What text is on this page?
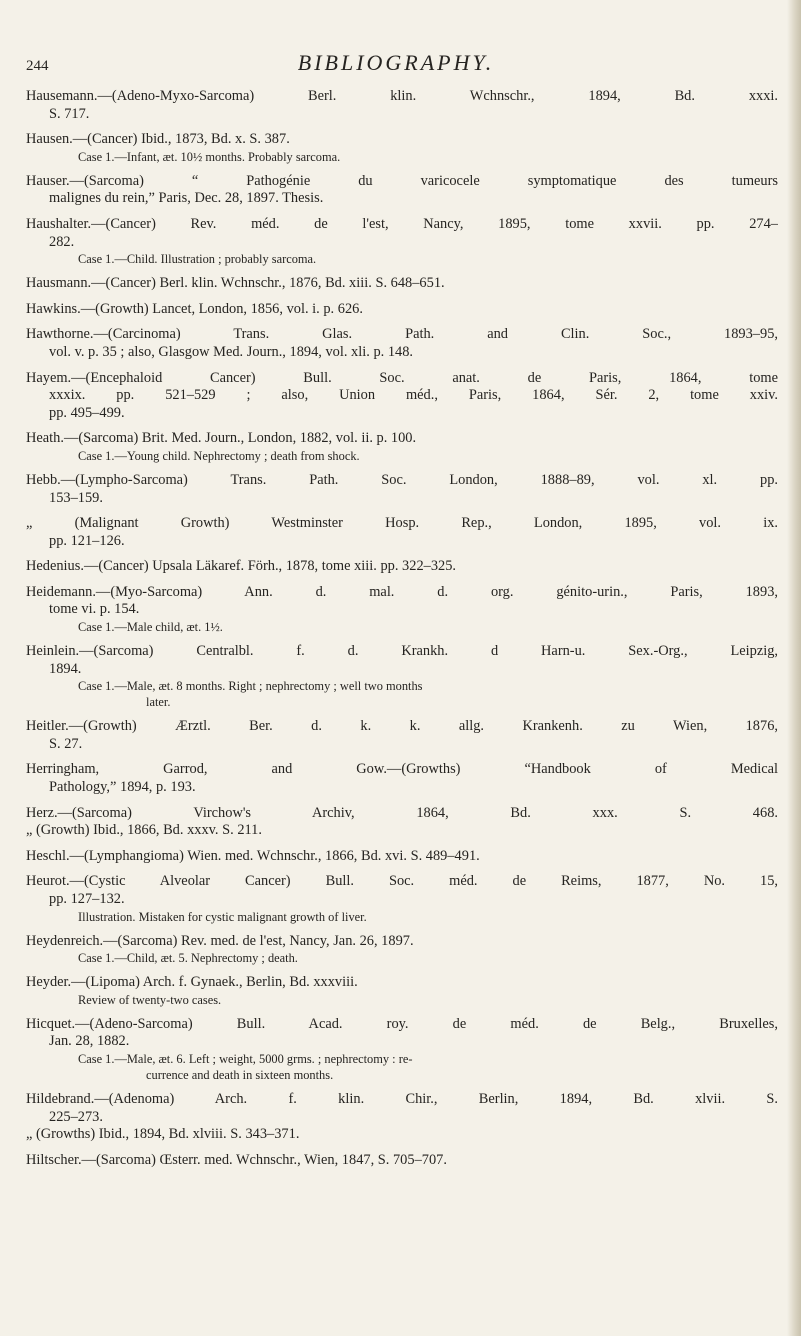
244	BIBLIOGRAPHY.
Hausemann.—(Adeno-Myxo-Sarcoma) Berl. klin. Wchnschr., 1894, Bd. xxxi.
S. 717.
Hausen.—(Cancer) Ibid., 1873, Bd. x. S. 387.
Case 1.—Infant, æt. 10½ months. Probably sarcoma.
Hauser.—(Sarcoma) “ Pathogénie du varicocele symptomatique des tumeurs
malignes du rein,” Paris, Dec. 28, 1897. Thesis.
Haushalter.—(Cancer) Rev. méd. de l'est, Nancy, 1895, tome xxvii. pp. 274–
282.
Case 1.—Child. Illustration ; probably sarcoma.
Hausmann.—(Cancer) Berl. klin. Wchnschr., 1876, Bd. xiii. S. 648–651.
Hawkins.—(Growth) Lancet, London, 1856, vol. i. p. 626.
Hawthorne.—(Carcinoma) Trans. Glas. Path. and Clin. Soc., 1893–95,
vol. v. p. 35 ; also, Glasgow Med. Journ., 1894, vol. xli. p. 148.
Hayem.—(Encephaloid Cancer) Bull. Soc. anat. de Paris, 1864, tome
xxxix. pp. 521–529 ; also, Union méd., Paris, 1864, Sér. 2, tome xxiv.
pp. 495–499.
Heath.—(Sarcoma) Brit. Med. Journ., London, 1882, vol. ii. p. 100.
Case 1.—Young child. Nephrectomy ; death from shock.
Hebb.—(Lympho-Sarcoma) Trans. Path. Soc. London, 1888–89, vol. xl. pp.
153–159.
„ (Malignant Growth) Westminster Hosp. Rep., London, 1895, vol. ix.
pp. 121–126.
Hedenius.—(Cancer) Upsala Läkaref. Förh., 1878, tome xiii. pp. 322–325.
Heidemann.—(Myo-Sarcoma) Ann. d. mal. d. org. génito-urin., Paris, 1893,
tome vi. p. 154.
Case 1.—Male child, æt. 1½.
Heinlein.—(Sarcoma) Centralbl. f. d. Krankh. d Harn-u. Sex.-Org., Leipzig,
1894.
Case 1.—Male, æt. 8 months. Right ; nephrectomy ; well two months
later.
Heitler.—(Growth) Ærztl. Ber. d. k. k. allg. Krankenh. zu Wien, 1876,
S. 27.
Herringham, Garrod, and Gow.—(Growths) “Handbook of Medical
Pathology,” 1894, p. 193.
Herz.—(Sarcoma) Virchow's Archiv, 1864, Bd. xxx. S. 468.
„ (Growth) Ibid., 1866, Bd. xxxv. S. 211.
Heschl.—(Lymphangioma) Wien. med. Wchnschr., 1866, Bd. xvi. S. 489–491.
Heurot.—(Cystic Alveolar Cancer) Bull. Soc. méd. de Reims, 1877, No. 15,
pp. 127–132.
Illustration. Mistaken for cystic malignant growth of liver.
Heydenreich.—(Sarcoma) Rev. med. de l'est, Nancy, Jan. 26, 1897.
Case 1.—Child, æt. 5. Nephrectomy ; death.
Heyder.—(Lipoma) Arch. f. Gynaek., Berlin, Bd. xxxviii.
Review of twenty-two cases.
Hicquet.—(Adeno-Sarcoma) Bull. Acad. roy. de méd. de Belg., Bruxelles,
Jan. 28, 1882.
Case 1.—Male, æt. 6. Left ; weight, 5000 grms. ; nephrectomy : re-
currence and death in sixteen months.
Hildebrand.—(Adenoma) Arch. f. klin. Chir., Berlin, 1894, Bd. xlvii. S.
225–273.
„ (Growths) Ibid., 1894, Bd. xlviii. S. 343–371.
Hiltscher.—(Sarcoma) Œsterr. med. Wchnschr., Wien, 1847, S. 705–707.
